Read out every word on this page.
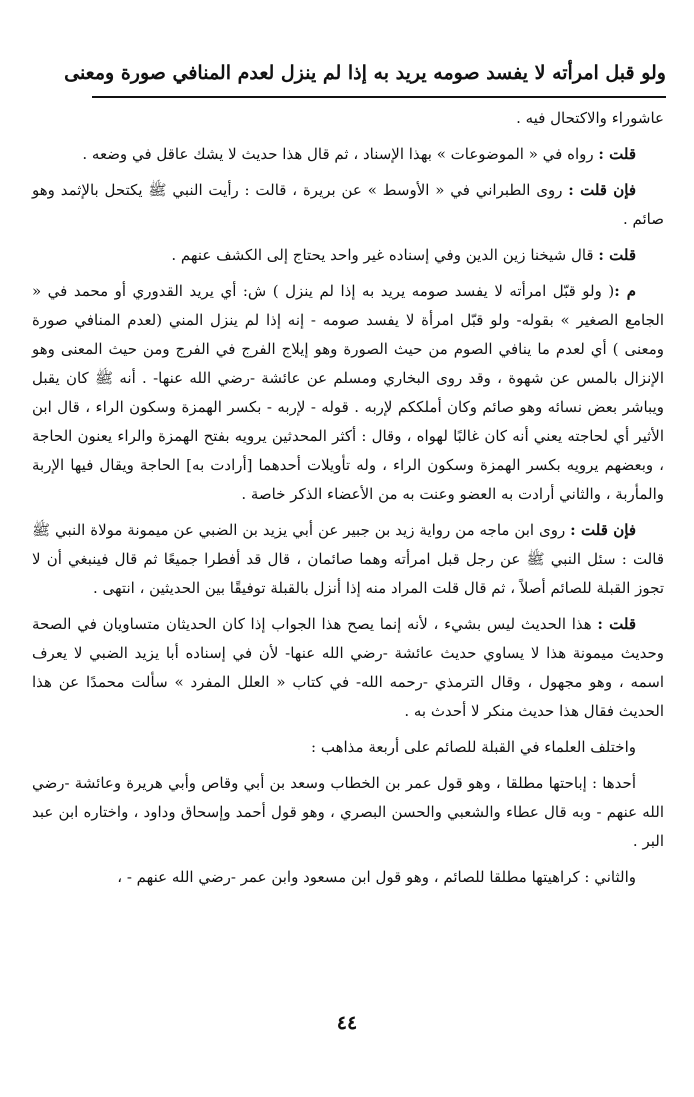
ولو قبل امرأته لا يفسد صومه يريد به إذا لم ينزل لعدم المنافي صورة ومعنى

عاشوراء والاكتحال فيه .

قلت : رواه في « الموضوعات » بهذا الإسناد ، ثم قال هذا حديث لا يشك عاقل في وضعه .

فإن قلت : روى الطبراني في « الأوسط » عن بريرة ، قالت : رأيت النبي ﷺ يكتحل بالإثمد وهو صائم .

قلت : قال شيخنا زين الدين وفي إسناده غير واحد يحتاج إلى الكشف عنهم .

م :( ولو قبّل امرأته لا يفسد صومه يريد به إذا لم ينزل ) ش: أي يريد القدوري أو محمد في « الجامع الصغير » بقوله- ولو قبّل امرأة لا يفسد صومه - إنه إذا لم ينزل المني (لعدم المنافي صورة ومعنى ) أي لعدم ما ينافي الصوم من حيث الصورة وهو إيلاج الفرج في الفرج ومن حيث المعنى وهو الإنزال بالمس عن شهوة ، وقد روى البخاري ومسلم عن عائشة -رضي الله عنها- . أنه ﷺ كان يقبل ويباشر بعض نسائه وهو صائم وكان أملككم لإربه . قوله - لإربه - بكسر الهمزة وسكون الراء ، قال ابن الأثير أي لحاجته يعني أنه كان غالبًا لهواه ، وقال : أكثر المحدثين يرويه بفتح الهمزة والراء يعنون الحاجة ، وبعضهم يرويه بكسر الهمزة وسكون الراء ، وله تأويلات أحدهما [أرادت به] الحاجة ويقال فيها الإربة والمأربة ، والثاني أرادت به العضو وعنت به من الأعضاء الذكر خاصة .

فإن قلت : روى ابن ماجه من رواية زيد بن جبير عن أبي يزيد بن الضبي عن ميمونة مولاة النبي ﷺ قالت : سئل النبي ﷺ عن رجل قبل امرأته وهما صائمان ، قال قد أفطرا جميعًا ثم قال فينبغي أن لا تجوز القبلة للصائم أصلاً ، ثم قال قلت المراد منه إذا أنزل بالقبلة توفيقًا بين الحديثين ، انتهى .

قلت : هذا الحديث ليس بشيء ، لأنه إنما يصح هذا الجواب إذا كان الحديثان متساويان في الصحة وحديث ميمونة هذا لا يساوي حديث عائشة -رضي الله عنها- لأن في إسناده أبا يزيد الضبي لا يعرف اسمه ، وهو مجهول ، وقال الترمذي -رحمه الله- في كتاب « العلل المفرد » سألت محمدًا عن هذا الحديث فقال هذا حديث منكر لا أحدث به .

واختلف العلماء في القبلة للصائم على أربعة مذاهب :

أحدها : إباحتها مطلقا ، وهو قول عمر بن الخطاب وسعد بن أبي وقاص وأبي هريرة وعائشة -رضي الله عنهم - وبه قال عطاء والشعبي والحسن البصري ، وهو قول أحمد وإسحاق وداود ، واختاره ابن عبد البر .

والثاني : كراهيتها مطلقا للصائم ، وهو قول ابن مسعود وابن عمر -رضي الله عنهم - ،

٤٤
